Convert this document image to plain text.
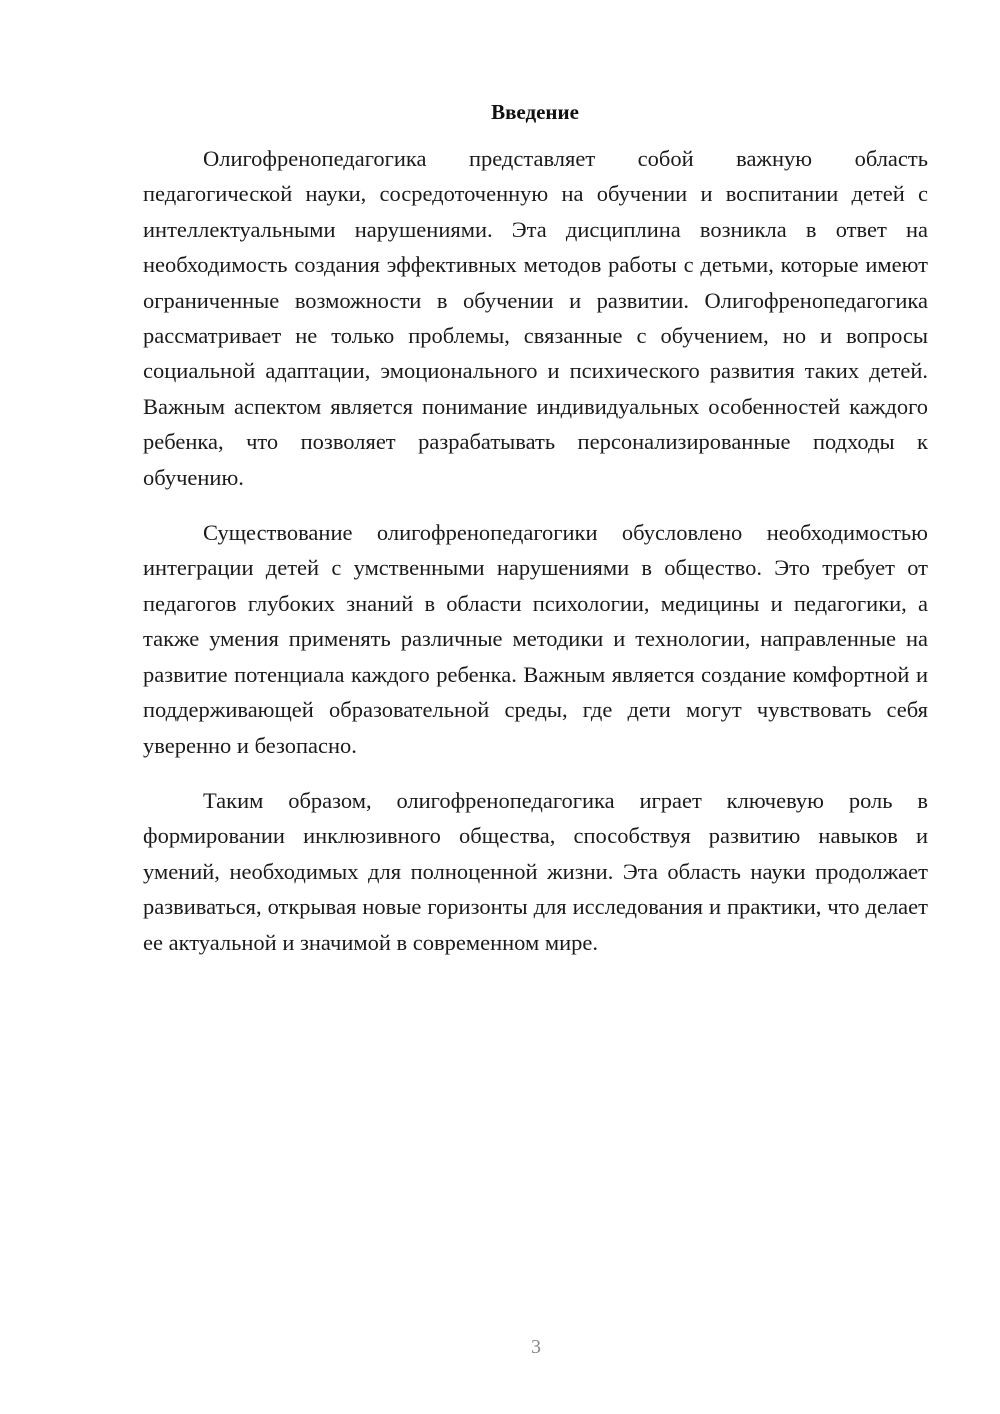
Введение

Олигофренопедагогика представляет собой важную область педагогической науки, сосредоточенную на обучении и воспитании детей с интеллектуальными нарушениями. Эта дисциплина возникла в ответ на необходимость создания эффективных методов работы с детьми, которые имеют ограниченные возможности в обучении и развитии. Олигофренопедагогика рассматривает не только проблемы, связанные с обучением, но и вопросы социальной адаптации, эмоционального и психического развития таких детей. Важным аспектом является понимание индивидуальных особенностей каждого ребенка, что позволяет разрабатывать персонализированные подходы к обучению.

Существование олигофренопедагогики обусловлено необходимостью интеграции детей с умственными нарушениями в общество. Это требует от педагогов глубоких знаний в области психологии, медицины и педагогики, а также умения применять различные методики и технологии, направленные на развитие потенциала каждого ребенка. Важным является создание комфортной и поддерживающей образовательной среды, где дети могут чувствовать себя уверенно и безопасно.

Таким образом, олигофренопедагогика играет ключевую роль в формировании инклюзивного общества, способствуя развитию навыков и умений, необходимых для полноценной жизни. Эта область науки продолжает развиваться, открывая новые горизонты для исследования и практики, что делает ее актуальной и значимой в современном мире.

3
